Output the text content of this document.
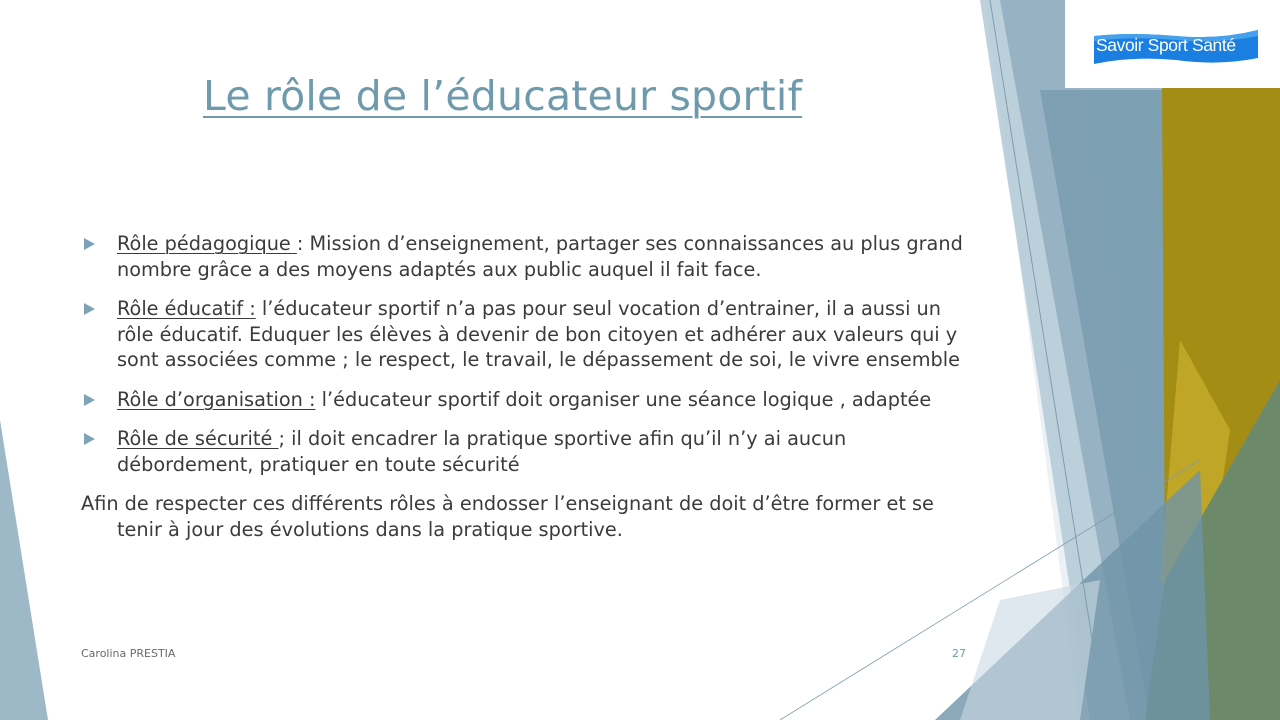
Savoir Sport Santé
Le rôle de l’éducateur sportif
Rôle pédagogique : Mission d’enseignement, partager ses connaissances au plus grand nombre grâce a des moyens adaptés aux public auquel il fait face.
Rôle éducatif : l’éducateur sportif n’a pas pour seul vocation d’entrainer, il a aussi un rôle éducatif. Eduquer les élèves à devenir de bon citoyen et adhérer aux valeurs qui y sont associées comme ; le respect, le travail, le dépassement de soi, le vivre ensemble
Rôle d’organisation : l’éducateur sportif doit organiser une séance logique , adaptée
Rôle de sécurité ; il doit encadrer la pratique sportive afin qu’il n’y ai aucun débordement, pratiquer en toute sécurité
Afin de respecter ces différents rôles à endosser l’enseignant de doit d’être former et se tenir à jour des évolutions dans la pratique sportive.
Carolina PRESTIA	27
